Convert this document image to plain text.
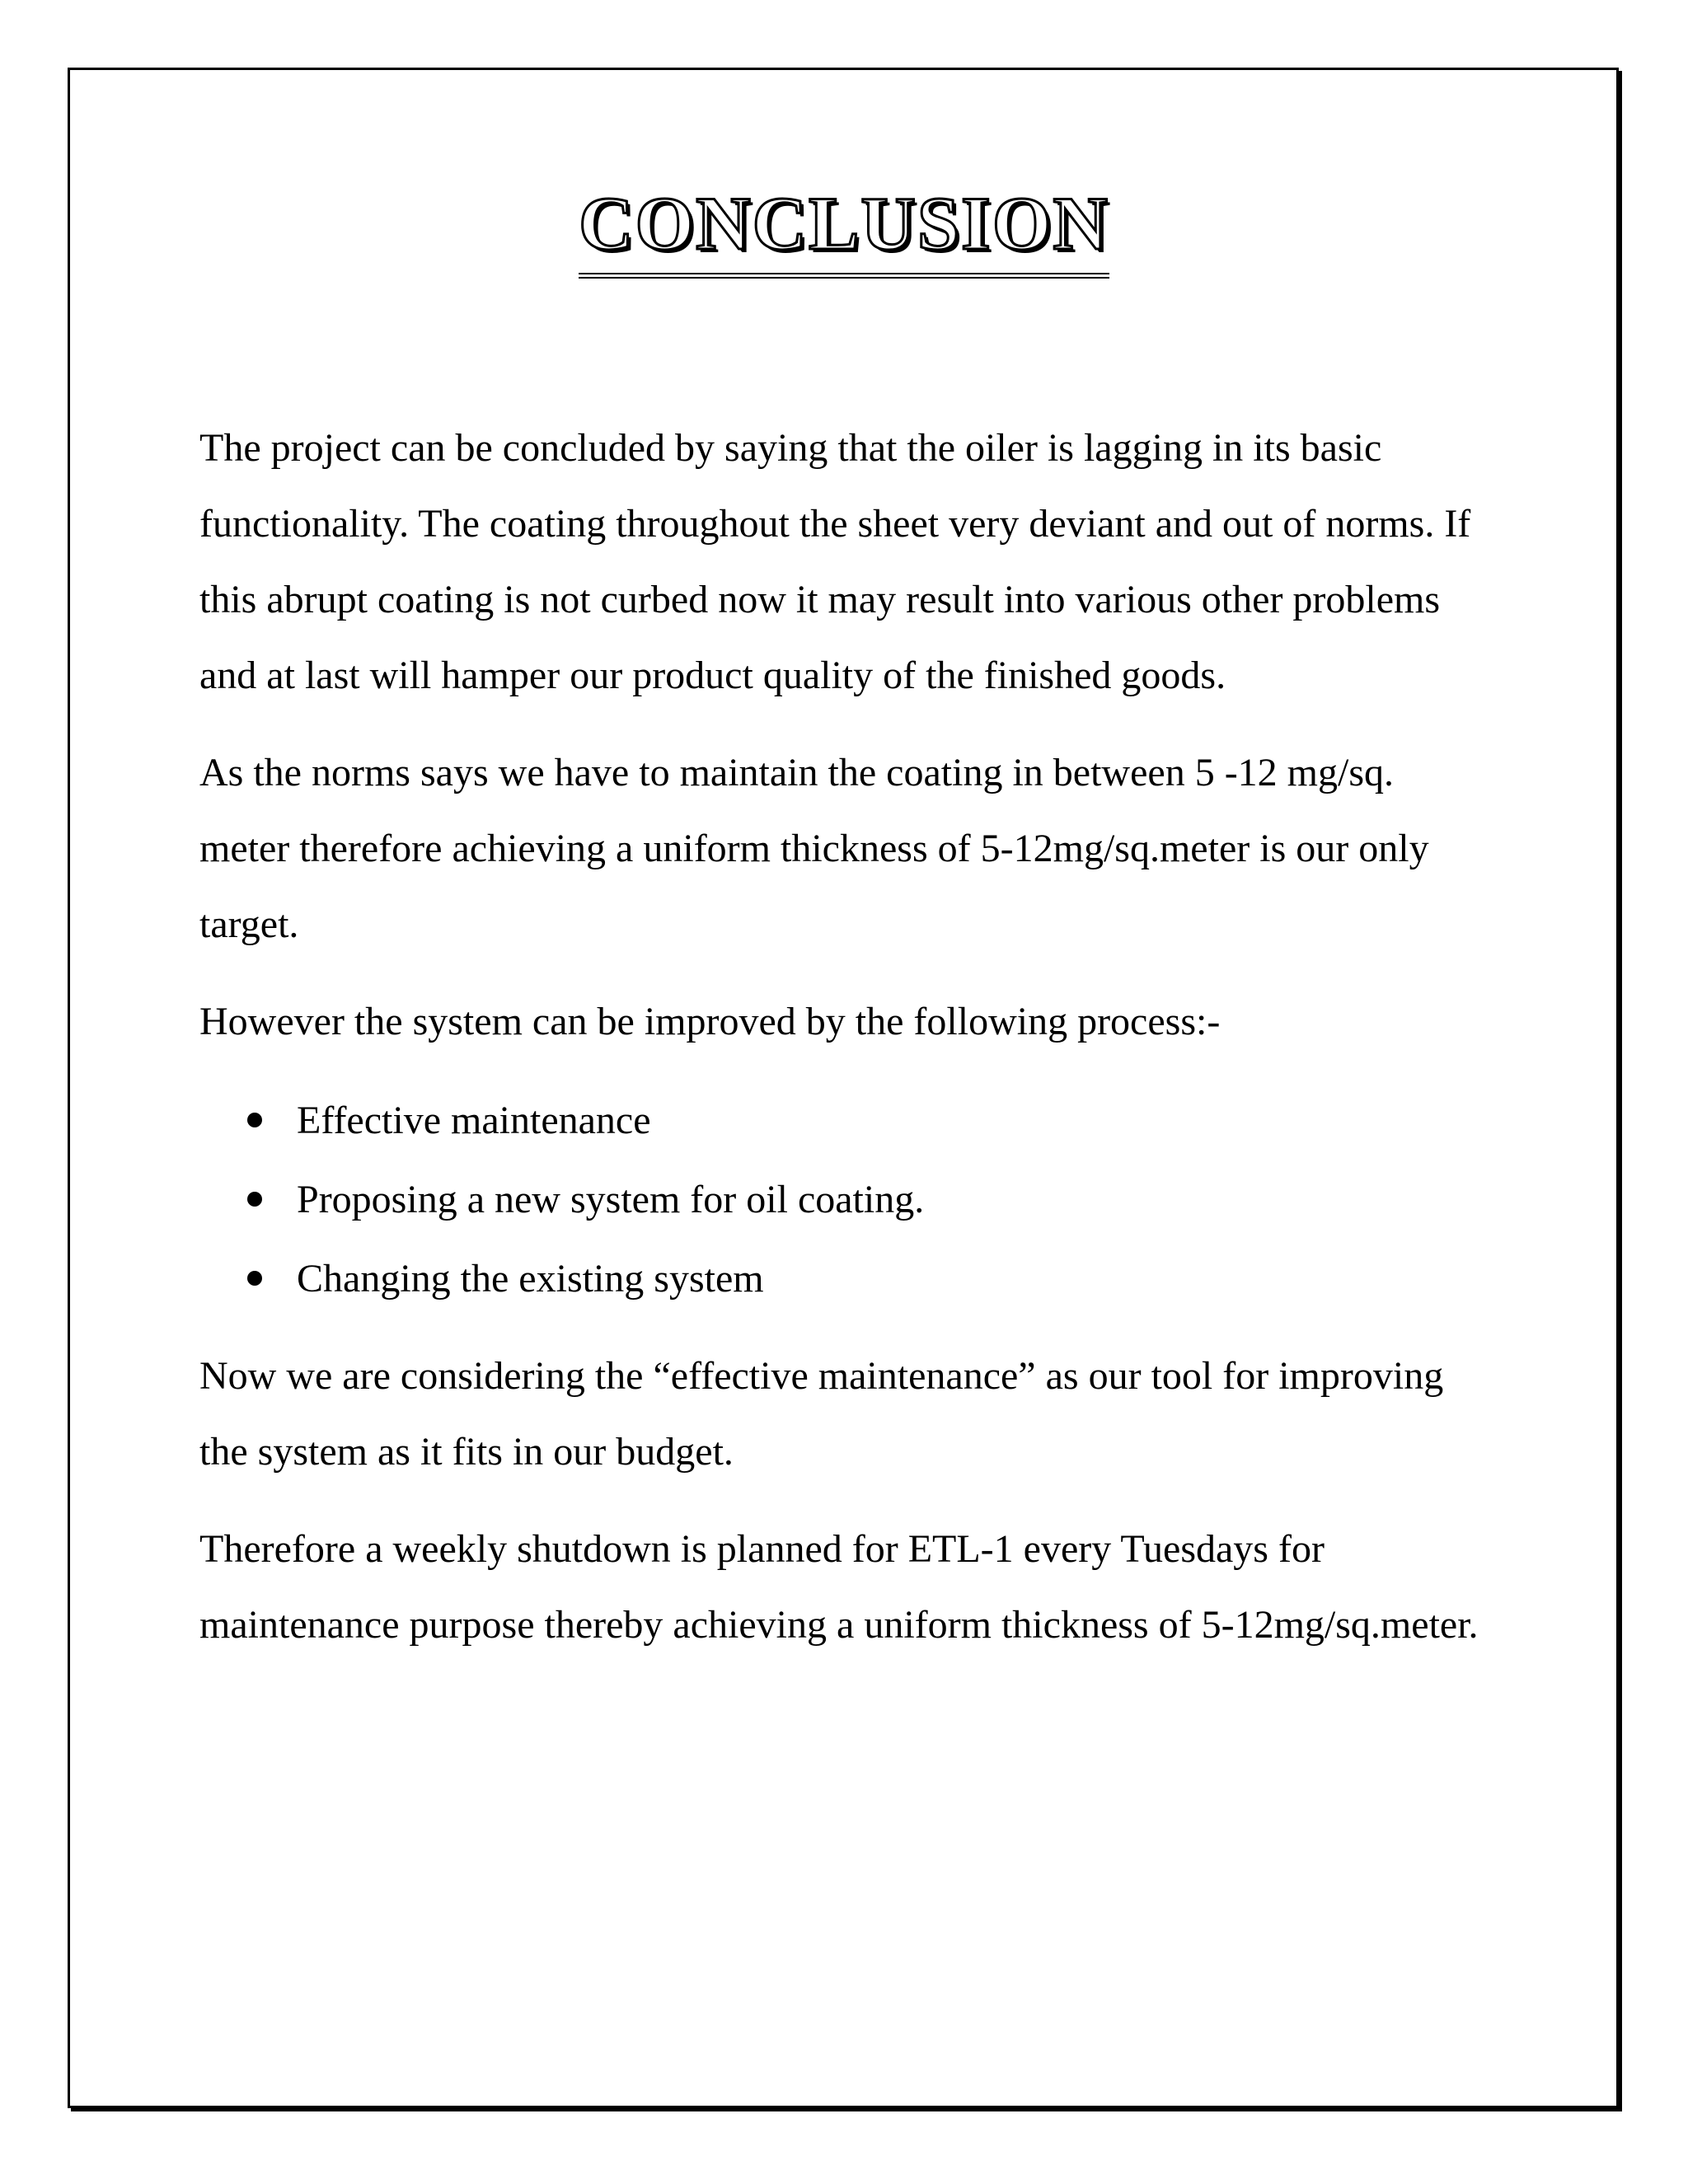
CONCLUSION

The project can be concluded by saying that the oiler is lagging in its basic functionality. The coating throughout the sheet very deviant and out of norms. If this abrupt coating is not curbed now it may result into various other problems and at last will hamper our product quality of the finished goods.

As the norms says we have to maintain the coating in between 5 -12 mg/sq. meter therefore achieving a uniform thickness of 5-12mg/sq.meter is our only target.

However the system can be improved by the following process:-

Effective maintenance
Proposing a new system for oil coating.
Changing the existing system

Now we are considering the “effective maintenance” as our tool for improving the system as it fits in our budget.

Therefore a weekly shutdown is planned for ETL-1 every Tuesdays for maintenance purpose thereby achieving a uniform thickness of 5-12mg/sq.meter.
